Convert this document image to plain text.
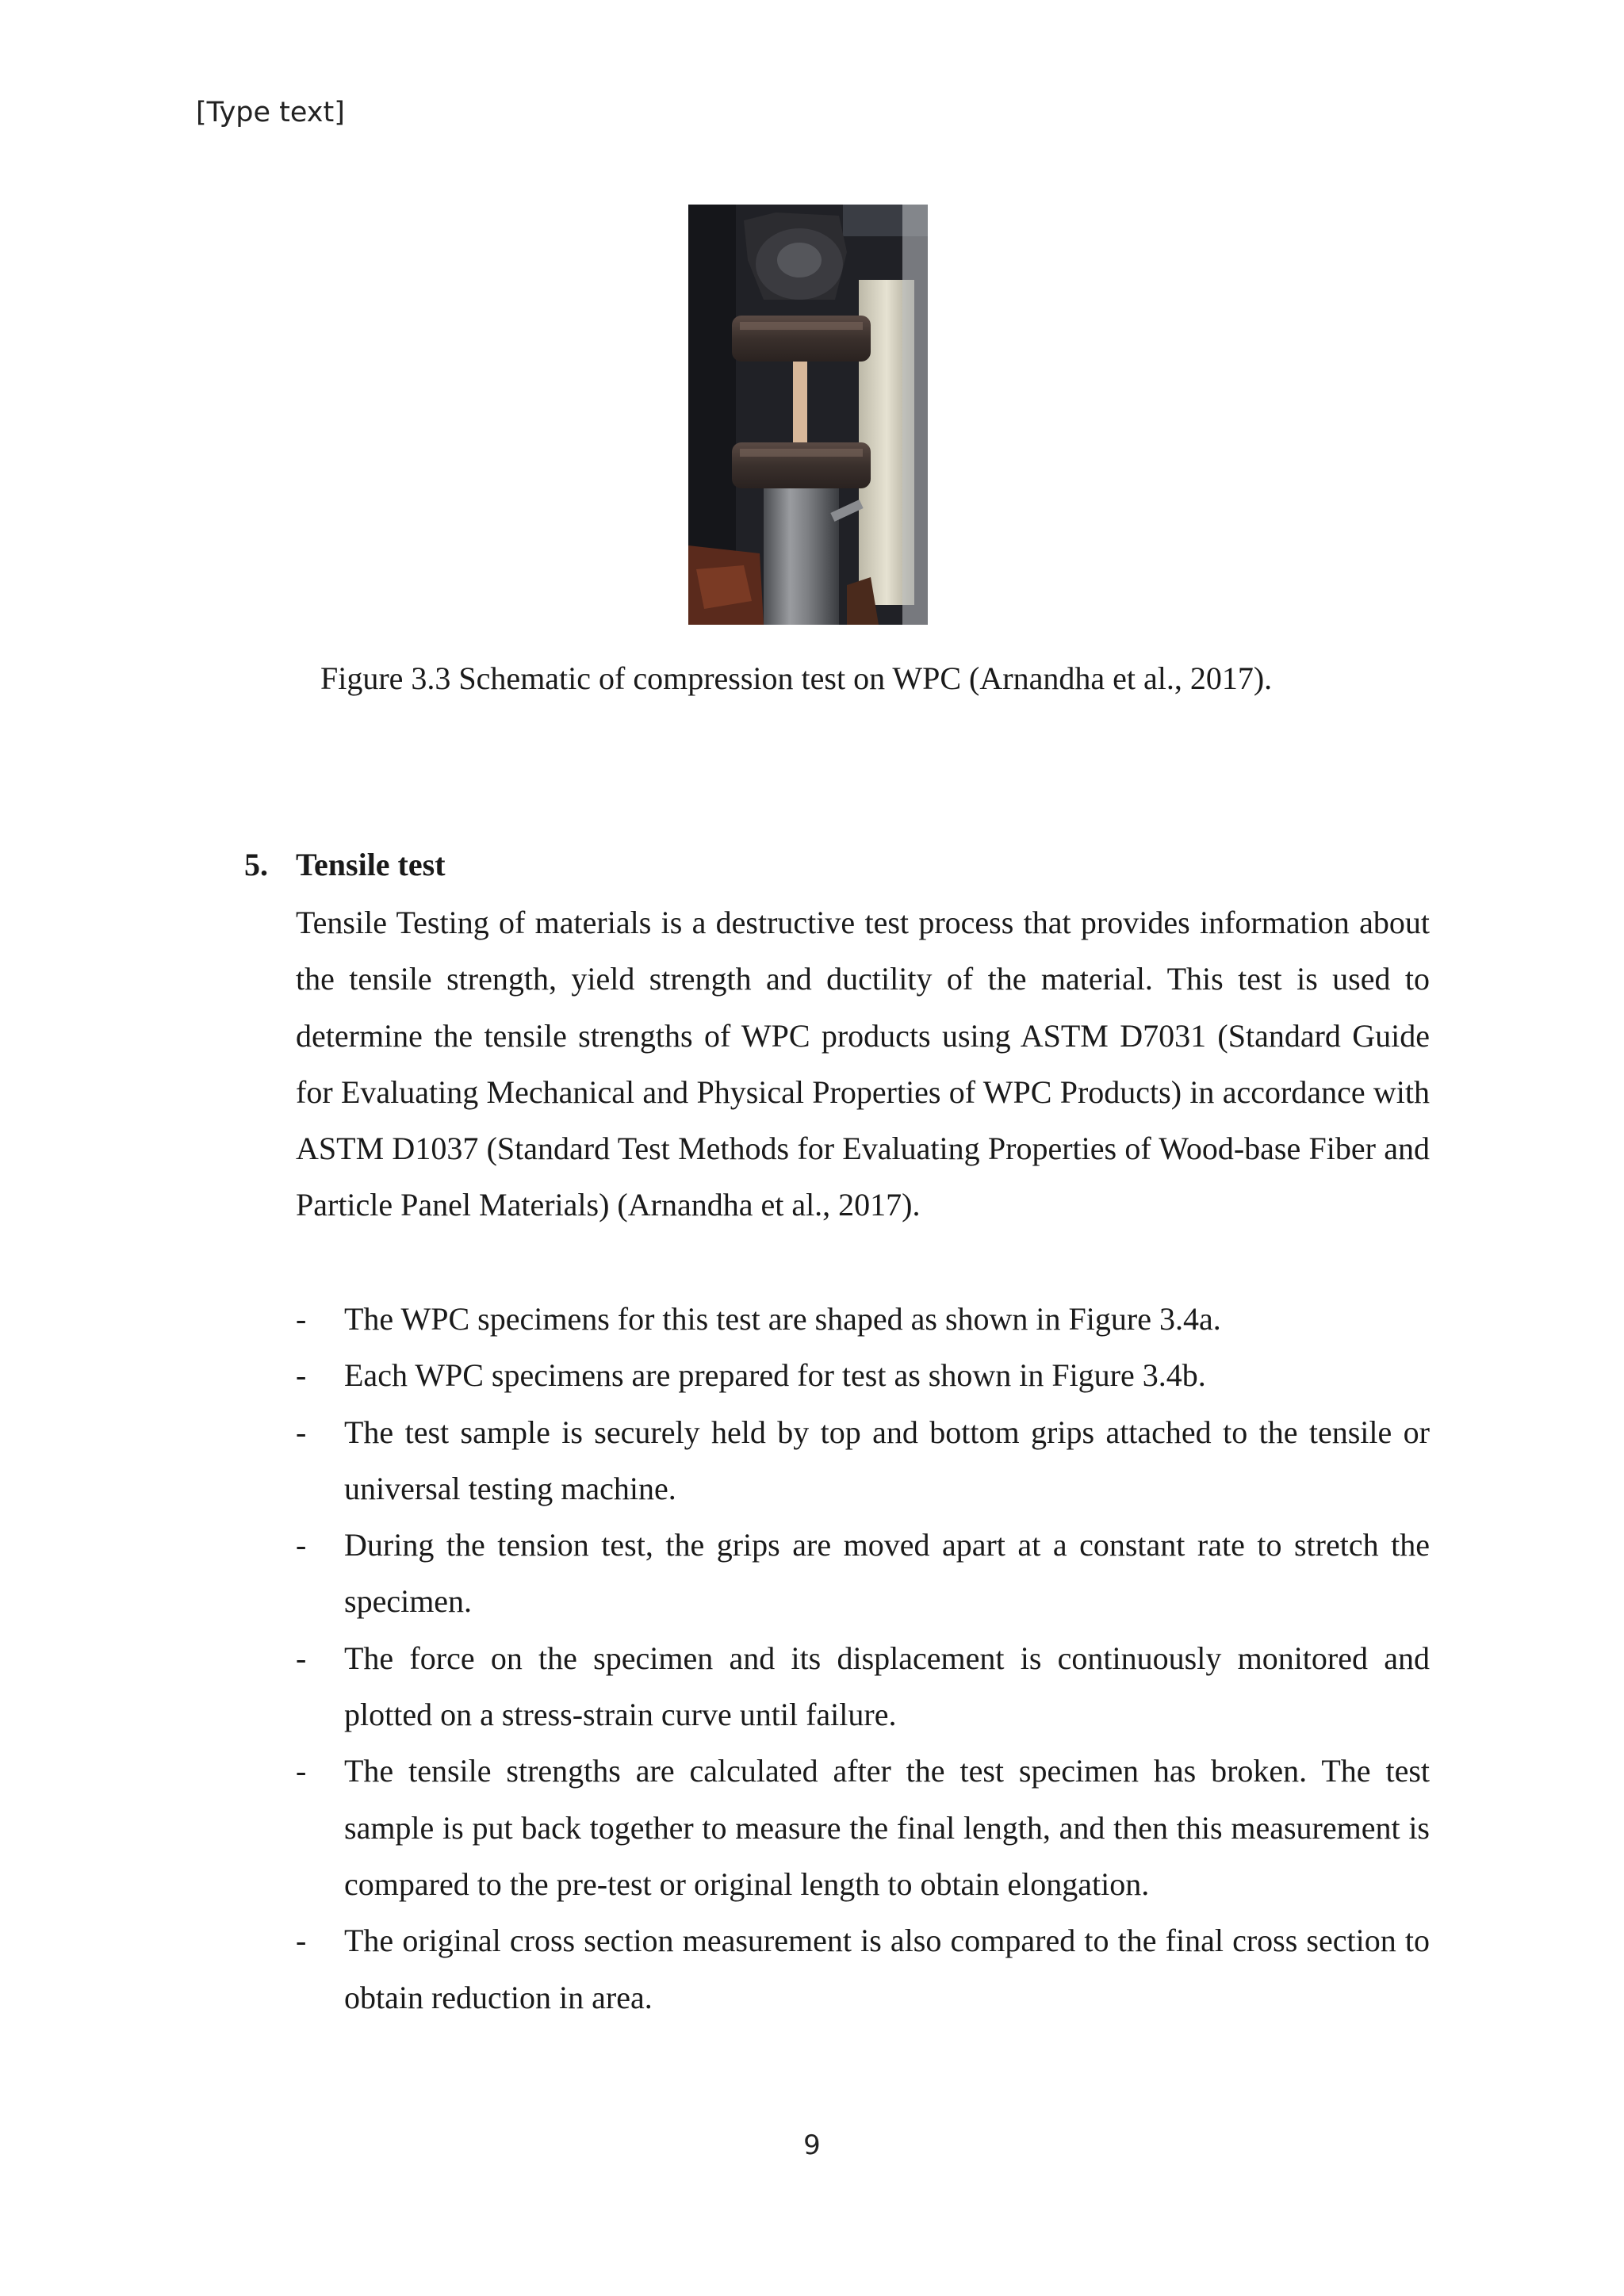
[Type text]
Figure 3.3 Schematic of compression test on WPC (Arnandha et al., 2017).
5. Tensile test

Tensile Testing of materials is a destructive test process that provides information about the tensile strength, yield strength and ductility of the material. This test is used to determine the tensile strengths of WPC products using ASTM D7031 (Standard Guide for Evaluating Mechanical and Physical Properties of WPC Products) in accordance with ASTM D1037 (Standard Test Methods for Evaluating Properties of Wood-base Fiber and Particle Panel Materials) (Arnandha et al., 2017).

- The WPC specimens for this test are shaped as shown in Figure 3.4a.
- Each WPC specimens are prepared for test as shown in Figure 3.4b.
- The test sample is securely held by top and bottom grips attached to the tensile or universal testing machine.
- During the tension test, the grips are moved apart at a constant rate to stretch the specimen.
- The force on the specimen and its displacement is continuously monitored and plotted on a stress-strain curve until failure.
- The tensile strengths are calculated after the test specimen has broken. The test sample is put back together to measure the final length, and then this measurement is compared to the pre-test or original length to obtain elongation.
- The original cross section measurement is also compared to the final cross section to obtain reduction in area.
9
